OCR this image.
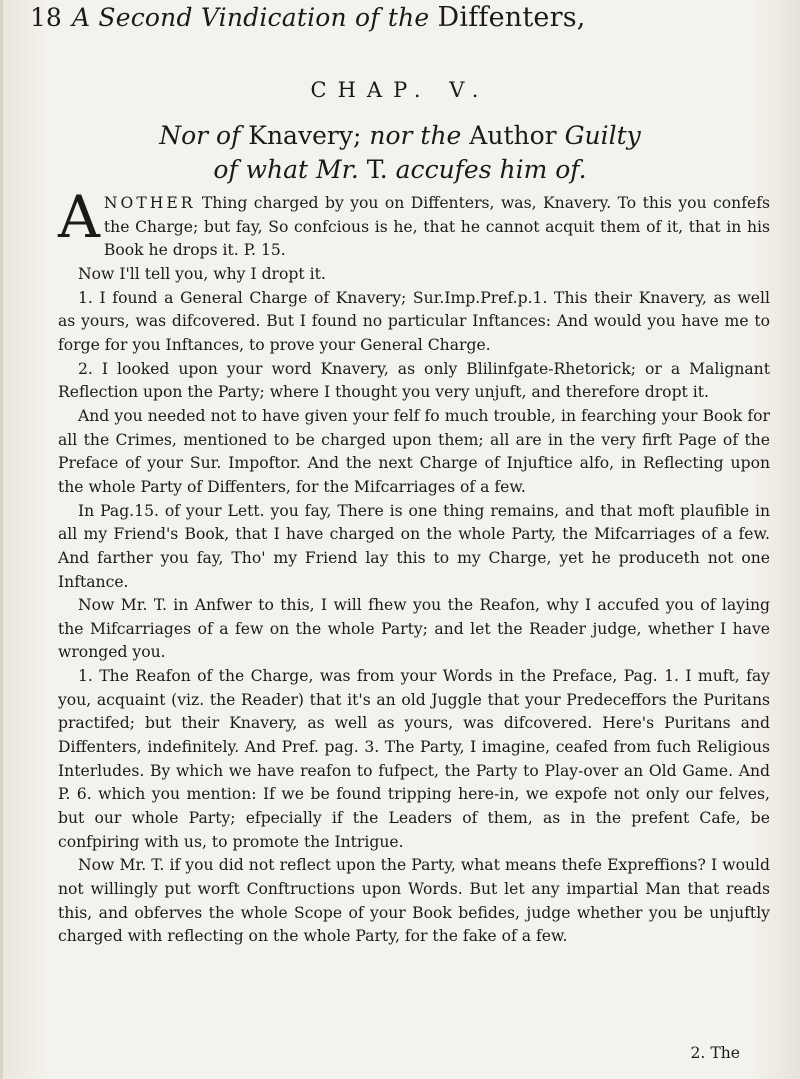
18 A Second Vindication of the Diffenters,
CHAP. V.
Nor of Knavery; nor the Author Guilty
of what Mr. T. accufes him of.

A NOTHER Thing charged by you on Diffenters, was, Knavery. To this you confefs the Charge; but fay, So confcious is he, that he cannot acquit them of it, that in his Book he drops it. P. 15.

Now I'll tell you, why I dropt it.

1. I found a General Charge of Knavery; Sur.Imp.Pref.p.1. This their Knavery, as well as yours, was difcovered. But I found no particular Inftances: And would you have me to forge for you Inftances, to prove your General Charge.

2. I looked upon your word Knavery, as only Blilinfgate-Rhetorick; or a Malignant Reflection upon the Party; where I thought you very unjuft, and therefore dropt it.

And you needed not to have given your felf fo much trouble, in fearching your Book for all the Crimes, mentioned to be charged upon them; all are in the very firft Page of the Preface of your Sur. Impoftor. And the next Charge of Injuftice alfo, in Reflecting upon the whole Party of Diffenters, for the Mifcarriages of a few.

In Pag.15. of your Lett. you fay, There is one thing remains, and that moft plaufible in all my Friend's Book, that I have charged on the whole Party, the Mifcarriages of a few. And farther you fay, Tho' my Friend lay this to my Charge, yet he produceth not one Inftance.

Now Mr. T. in Anfwer to this, I will fhew you the Reafon, why I accufed you of laying the Mifcarriages of a few on the whole Party; and let the Reader judge, whether I have wronged you.

1. The Reafon of the Charge, was from your Words in the Preface, Pag. 1. I muft, fay you, acquaint (viz. the Reader) that it's an old Juggle that your Predeceffors the Puritans practifed; but their Knavery, as well as yours, was difcovered. Here's Puritans and Diffenters, indefinitely. And Pref. pag. 3. The Party, I imagine, ceafed from fuch Religious Interludes. By which we have reafon to fufpect, the Party to Play-over an Old Game. And P. 6. which you mention: If we be found tripping here-in, we expofe not only our felves, but our whole Party; efpecially if the Leaders of them, as in the prefent Cafe, be confpiring with us, to promote the Intrigue.

Now Mr. T. if you did not reflect upon the Party, what means thefe Expreffions? I would not willingly put worft Conftructions upon Words. But let any impartial Man that reads this, and obferves the whole Scope of your Book befides, judge whether you be unjuftly charged with reflecting on the whole Party, for the fake of a few.

2. The
